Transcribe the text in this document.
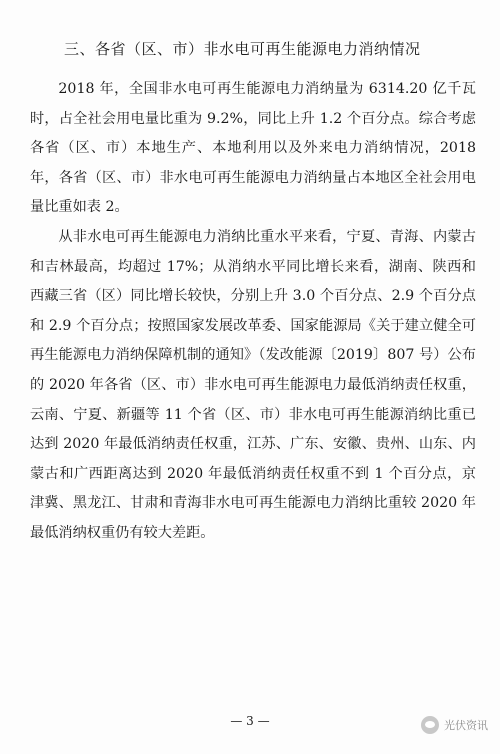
三、各省（区、市）非水电可再生能源电力消纳情况

2018 年，全国非水电可再生能源电力消纳量为 6314.20 亿千瓦时，占全社会用电量比重为 9.2%，同比上升 1.2 个百分点。综合考虑各省（区、市）本地生产、本地利用以及外来电力消纳情况，2018 年，各省（区、市）非水电可再生能源电力消纳量占本地区全社会用电量比重如表 2。

从非水电可再生能源电力消纳比重水平来看，宁夏、青海、内蒙古和吉林最高，均超过 17%；从消纳水平同比增长来看，湖南、陕西和西藏三省（区）同比增长较快，分别上升 3.0 个百分点、2.9 个百分点和 2.9 个百分点；按照国家发展改革委、国家能源局《关于建立健全可再生能源电力消纳保障机制的通知》（发改能源〔2019〕807 号）公布的 2020 年各省（区、市）非水电可再生能源电力最低消纳责任权重，云南、宁夏、新疆等 11 个省（区、市）非水电可再生能源消纳比重已达到 2020 年最低消纳责任权重，江苏、广东、安徽、贵州、山东、内蒙古和广西距离达到 2020 年最低消纳责任权重不到 1 个百分点，京津冀、黑龙江、甘肃和青海非水电可再生能源电力消纳比重较 2020 年最低消纳权重仍有较大差距。

— 3 —	光伏资讯
